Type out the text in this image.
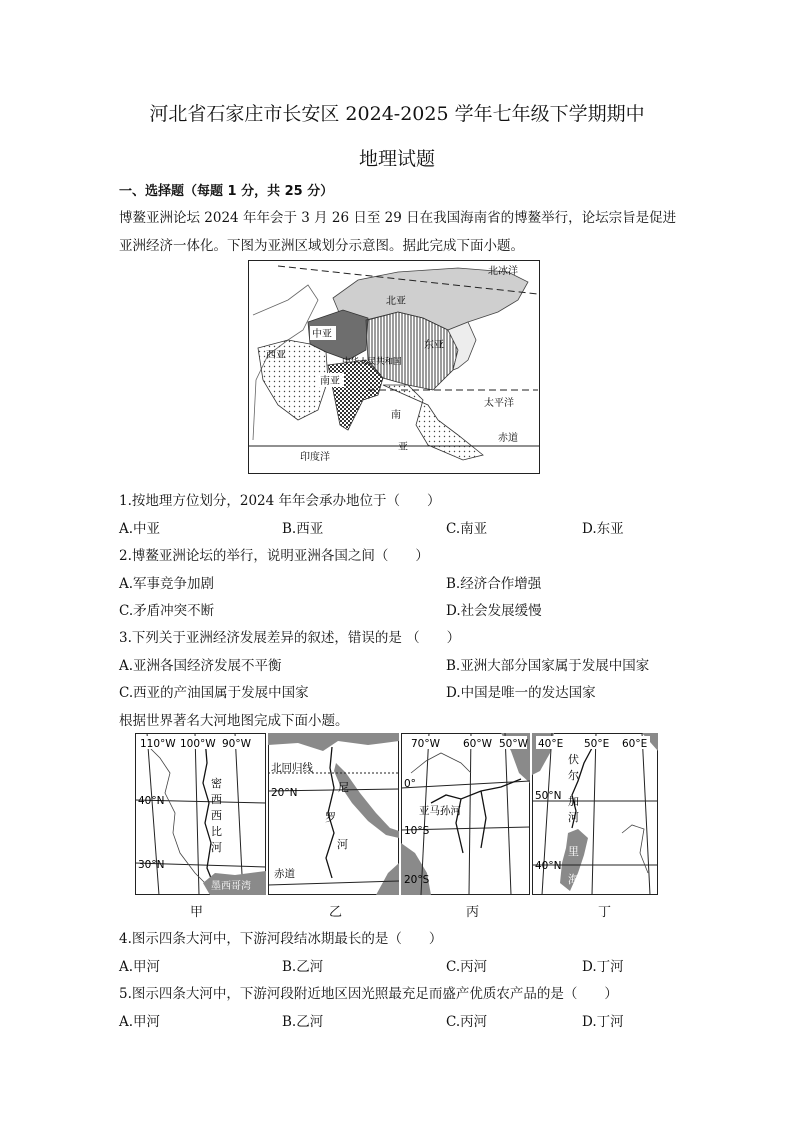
河北省石家庄市长安区 2024-2025 学年七年级下学期期中
地理试题
一、选择题（每题 1 分，共 25 分）
博鳌亚洲论坛 2024 年年会于 3 月 26 日至 29 日在我国海南省的博鳌举行，论坛宗旨是促进
亚洲经济一体化。下图为亚洲区域划分示意图。据此完成下面小题。
北冰洋
北亚
中亚
西亚
东亚
中华人民共和国
南亚
南
亚
太平洋
赤道
印度洋
1.按地理方位划分，2024 年年会承办地位于（　　）
A.中亚	B.西亚	C.南亚	D.东亚
2.博鳌亚洲论坛的举行，说明亚洲各国之间（　　）
A.军事竞争加剧	B.经济合作增强
C.矛盾冲突不断	D.社会发展缓慢
3.下列关于亚洲经济发展差异的叙述，错误的是 （　　）
A.亚洲各国经济发展不平衡	B.亚洲大部分国家属于发展中国家
C.西亚的产油国属于发展中国家	D.中国是唯一的发达国家
根据世界著名大河地图完成下面小题。
110°W 100°W 90°W
40°N
30°N
密
西
西
比
河
墨西哥湾
北回归线
20°N
赤道
尼
罗
河
70°W 60°W 50°W
0°
10°S
20°S
亚马孙河
40°E 50°E 60°E
50°N
40°N
伏
尔
加
河
里
海
甲	乙	丙	丁
4.图示四条大河中，下游河段结冰期最长的是（　　）
A.甲河	B.乙河	C.丙河	D.丁河
5.图示四条大河中，下游河段附近地区因光照最充足而盛产优质农产品的是（　　）
A.甲河	B.乙河	C.丙河	D.丁河
